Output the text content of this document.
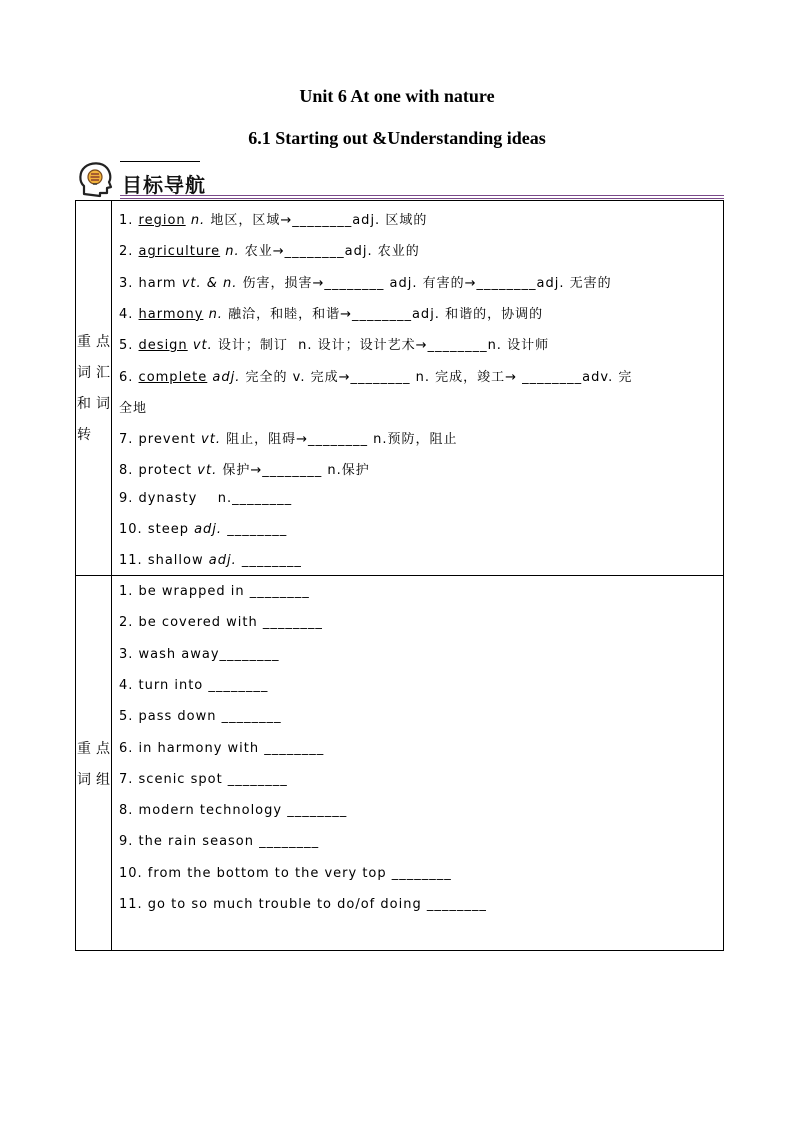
Unit 6 At one with nature
6.1 Starting out &Understanding ideas
目标导航
重点
词 汇
和 词
转
1. region n. 地区，区域→________adj. 区域的
2. agriculture n. 农业→________adj. 农业的
3. harm vt. & n. 伤害，损害→________ adj. 有害的→________adj. 无害的
4. harmony n. 融洽，和睦，和谐→________adj. 和谐的，协调的
5. design vt. 设计；制订  n. 设计；设计艺术→________n. 设计师
6. complete adj. 完全的 v. 完成→________ n. 完成，竣工→ ________adv. 完
全地
7. prevent vt. 阻止，阻碍→________ n.预防，阻止
8. protect vt. 保护→________ n.保护
9. dynasty    n.________
10. steep adj. ________
11. shallow adj. ________
重点
词组
1. be wrapped in ________
2. be covered with ________
3. wash away________
4. turn into ________
5. pass down ________
6. in harmony with ________
7. scenic spot ________
8. modern technology ________
9. the rain season ________
10. from the bottom to the very top ________
11. go to so much trouble to do/of doing ________
